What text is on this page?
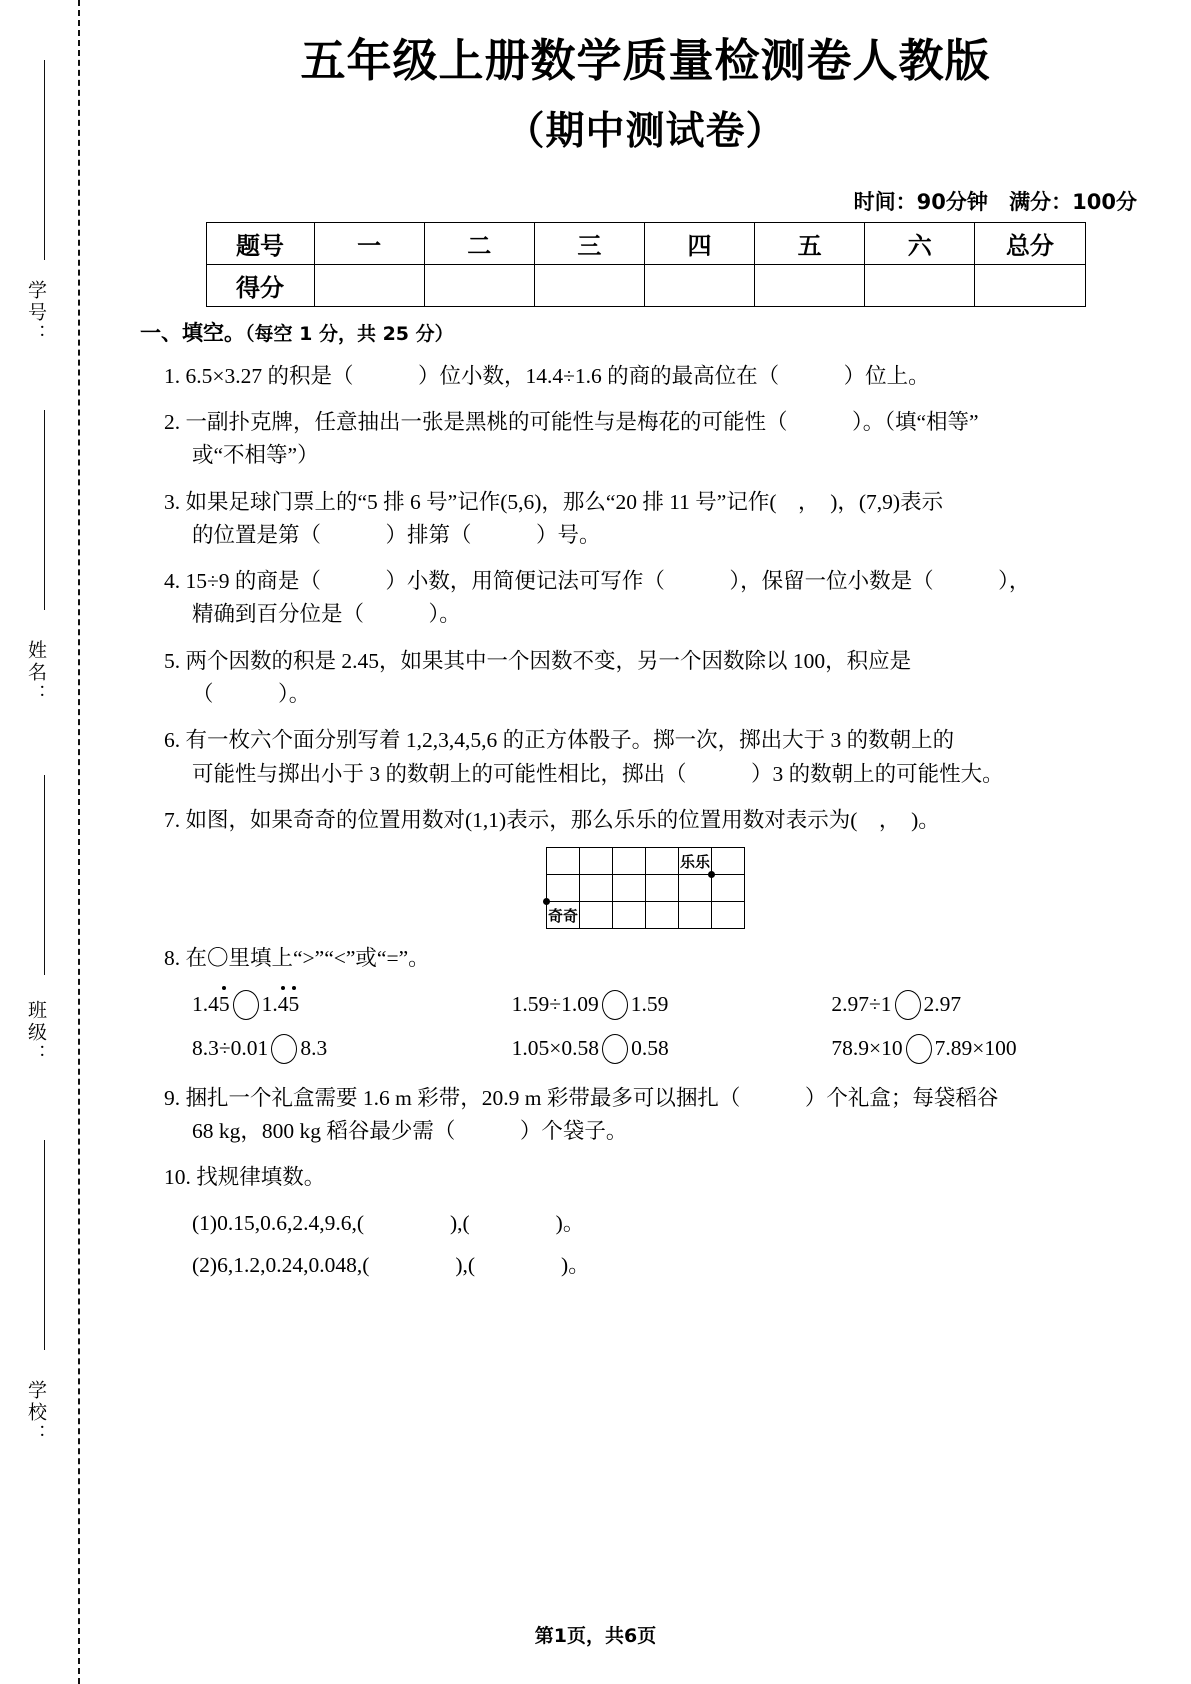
学号：
姓名：
班级：
学校：
五年级上册数学质量检测卷人教版
（期中测试卷）
时间：90分钟 满分：100分
题号	一	二	三	四	五	六	总分
得分							
一、填空。（每空 1 分，共 25 分）
1. 6.5×3.27 的积是（　　　）位小数，14.4÷1.6 的商的最高位在（　　　）位上。
2. 一副扑克牌，任意抽出一张是黑桃的可能性与是梅花的可能性（　　　）。（填“相等”
或“不相等”）
3. 如果足球门票上的“5 排 6 号”记作(5,6)，那么“20 排 11 号”记作(　，　)，(7,9)表示
的位置是第（　　　）排第（　　　）号。
4. 15÷9 的商是（　　　）小数，用简便记法可写作（　　　），保留一位小数是（　　　），
精确到百分位是（　　　）。
5. 两个因数的积是 2.45，如果其中一个因数不变，另一个因数除以 100，积应是
（　　　）。
6. 有一枚六个面分别写着 1,2,3,4,5,6 的正方体骰子。掷一次，掷出大于 3 的数朝上的
可能性与掷出小于 3 的数朝上的可能性相比，掷出（　　　）3 的数朝上的可能性大。
7. 如图，如果奇奇的位置用数对(1,1)表示，那么乐乐的位置用数对表示为(　，　)。
				乐乐	

奇奇					
8. 在〇里填上“>”“<”或“=”。
1.45 1.45	1.59÷1.09 1.59	2.97÷1 2.97
8.3÷0.01 8.3	1.05×0.58 0.58	78.9×10 7.89×100
9. 捆扎一个礼盒需要 1.6 m 彩带，20.9 m 彩带最多可以捆扎（　　　）个礼盒；每袋稻谷
68 kg，800 kg 稻谷最少需（　　　）个袋子。
10. 找规律填数。
(1)0.15,0.6,2.4,9.6,(　　　　),(　　　　)。
(2)6,1.2,0.24,0.048,(　　　　),(　　　　)。
第1页，共6页
